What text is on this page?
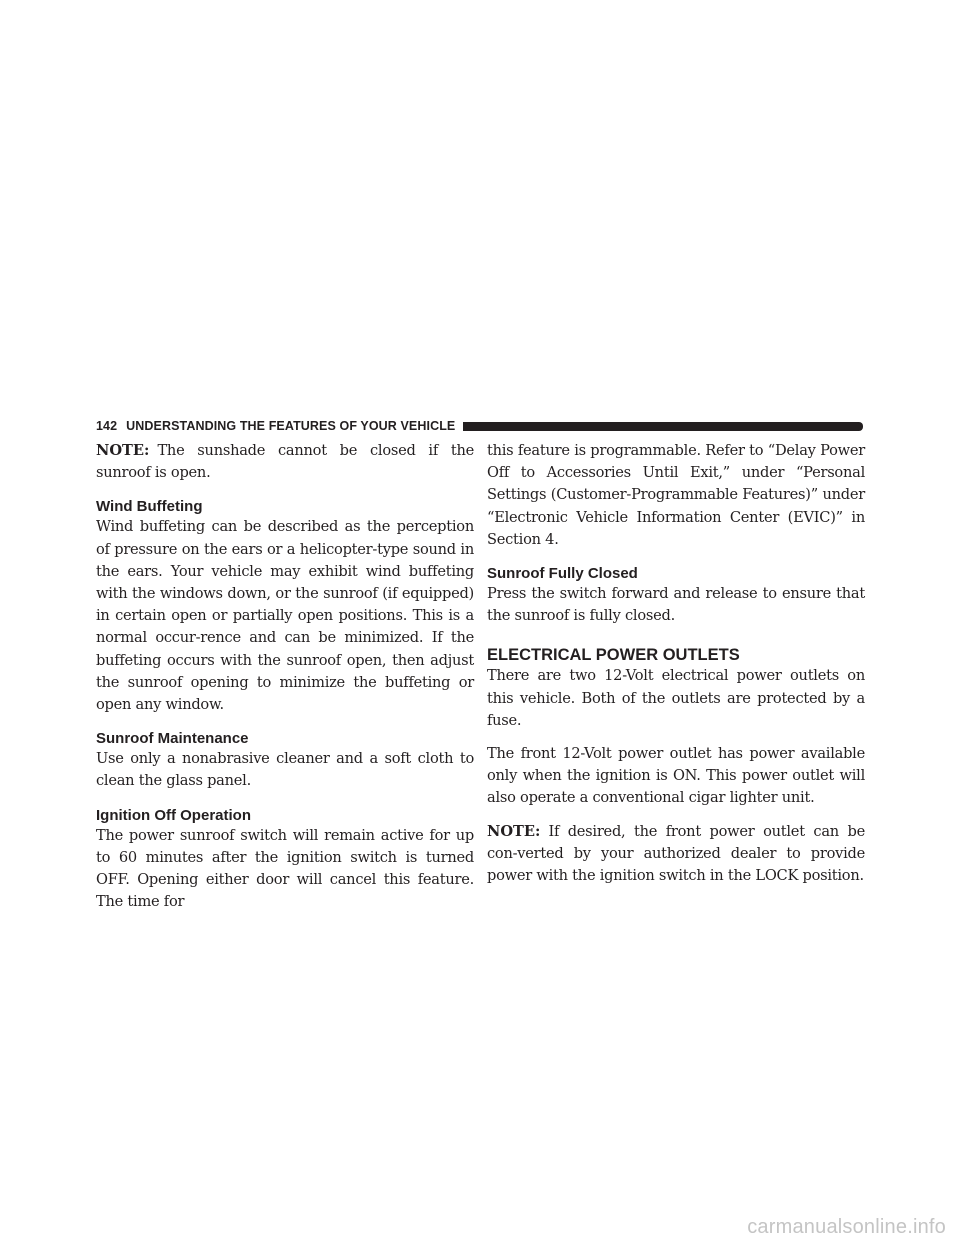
142 UNDERSTANDING THE FEATURES OF YOUR VEHICLE

NOTE: The sunshade cannot be closed if the sunroof is open.

Wind Buffeting

Wind buffeting can be described as the perception of pressure on the ears or a helicopter-type sound in the ears. Your vehicle may exhibit wind buffeting with the windows down, or the sunroof (if equipped) in certain open or partially open positions. This is a normal occur-rence and can be minimized. If the buffeting occurs with the sunroof open, then adjust the sunroof opening to minimize the buffeting or open any window.

Sunroof Maintenance

Use only a nonabrasive cleaner and a soft cloth to clean the glass panel.

Ignition Off Operation

The power sunroof switch will remain active for up to 60 minutes after the ignition switch is turned OFF. Opening either door will cancel this feature. The time for

this feature is programmable. Refer to “Delay Power Off to Accessories Until Exit,” under “Personal Settings (Customer-Programmable Features)” under “Electronic Vehicle Information Center (EVIC)” in Section 4.

Sunroof Fully Closed

Press the switch forward and release to ensure that the sunroof is fully closed.

ELECTRICAL POWER OUTLETS

There are two 12-Volt electrical power outlets on this vehicle. Both of the outlets are protected by a fuse.

The front 12-Volt power outlet has power available only when the ignition is ON. This power outlet will also operate a conventional cigar lighter unit.

NOTE: If desired, the front power outlet can be con-verted by your authorized dealer to provide power with the ignition switch in the LOCK position.

carmanualsonline.info
